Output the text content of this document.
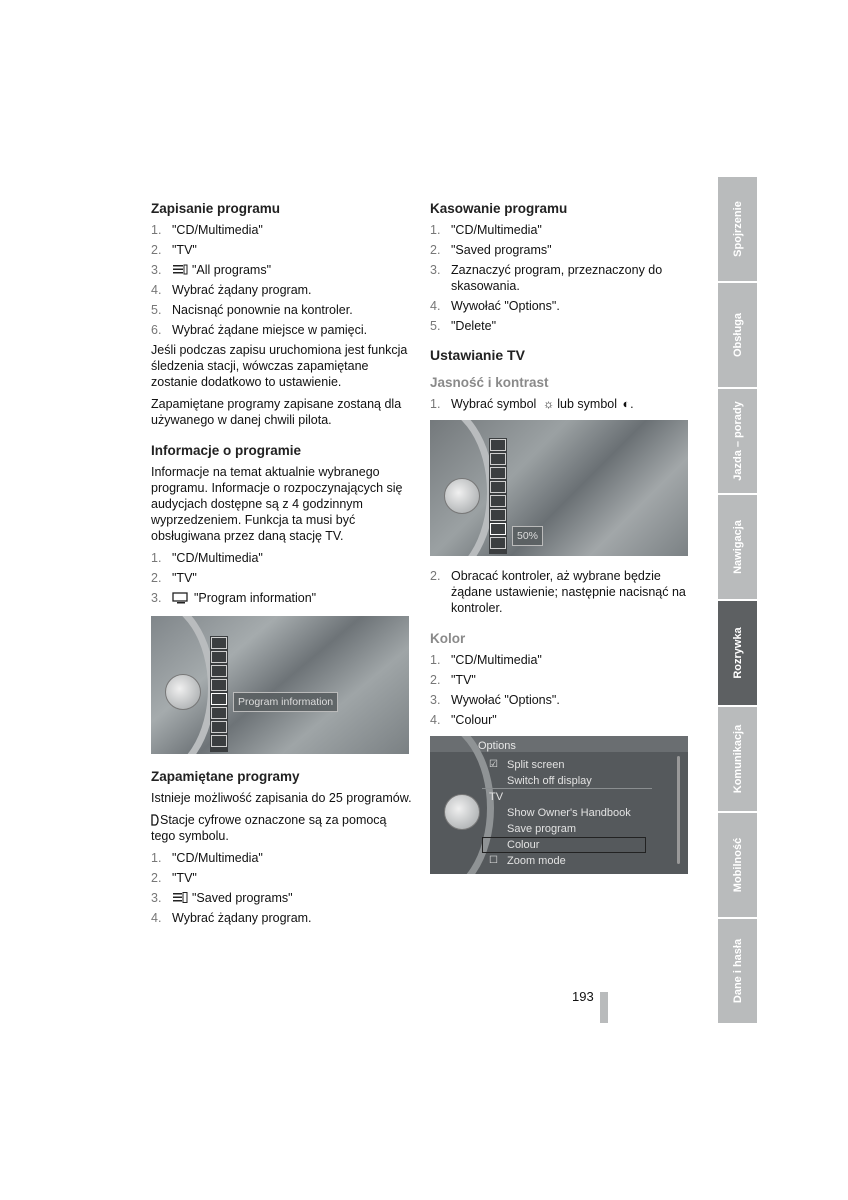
Zapisanie programu
1. "CD/Multimedia"
2. "TV"
3. "All programs"
4. Wybrać żądany program.
5. Nacisnąć ponownie na kontroler.
6. Wybrać żądane miejsce w pamięci.

Jeśli podczas zapisu uruchomiona jest funkcja śledzenia stacji, wówczas zapamiętane zostanie dodatkowo to ustawienie.

Zapamiętane programy zapisane zostaną dla używanego w danej chwili pilota.

Informacje o programie

Informacje na temat aktualnie wybranego programu. Informacje o rozpoczynających się audycjach dostępne są z 4 godzinnym wyprzedzeniem. Funkcja ta musi być obsługiwana przez daną stację TV.

1. "CD/Multimedia"
2. "TV"
3.	"Program information"
Program information
Zapamiętane programy

Istnieje możliwość zapisania do 25 programów.

Stacje cyfrowe oznaczone są za pomocą tego symbolu.

1. "CD/Multimedia"
2. "TV"
3. "Saved programs"
4. Wybrać żądany program.
Kasowanie programu
1. "CD/Multimedia"
2. "Saved programs"
3. Zaznaczyć program, przeznaczony do skasowania.
4. Wywołać "Options".
5. "Delete"
Ustawianie TV
Jasność i kontrast
1. Wybrać symbol ☼ lub symbol ◐.
50%
2. Obracać kontroler, aż wybrane będzie żądane ustawienie; następnie nacisnąć na kontroler.
Kolor
1. "CD/Multimedia"
2. "TV"
3. Wywołać "Options".
4. "Colour"
Options
☑ Split screen
Switch off display
TV
Show Owner's Handbook
Save program
Colour
☐ Zoom mode
Spojrzenie
Obsługa
Jazda – porady
Nawigacja
Rozrywka
Komunikacja
Mobilność
Dane i hasła
193
